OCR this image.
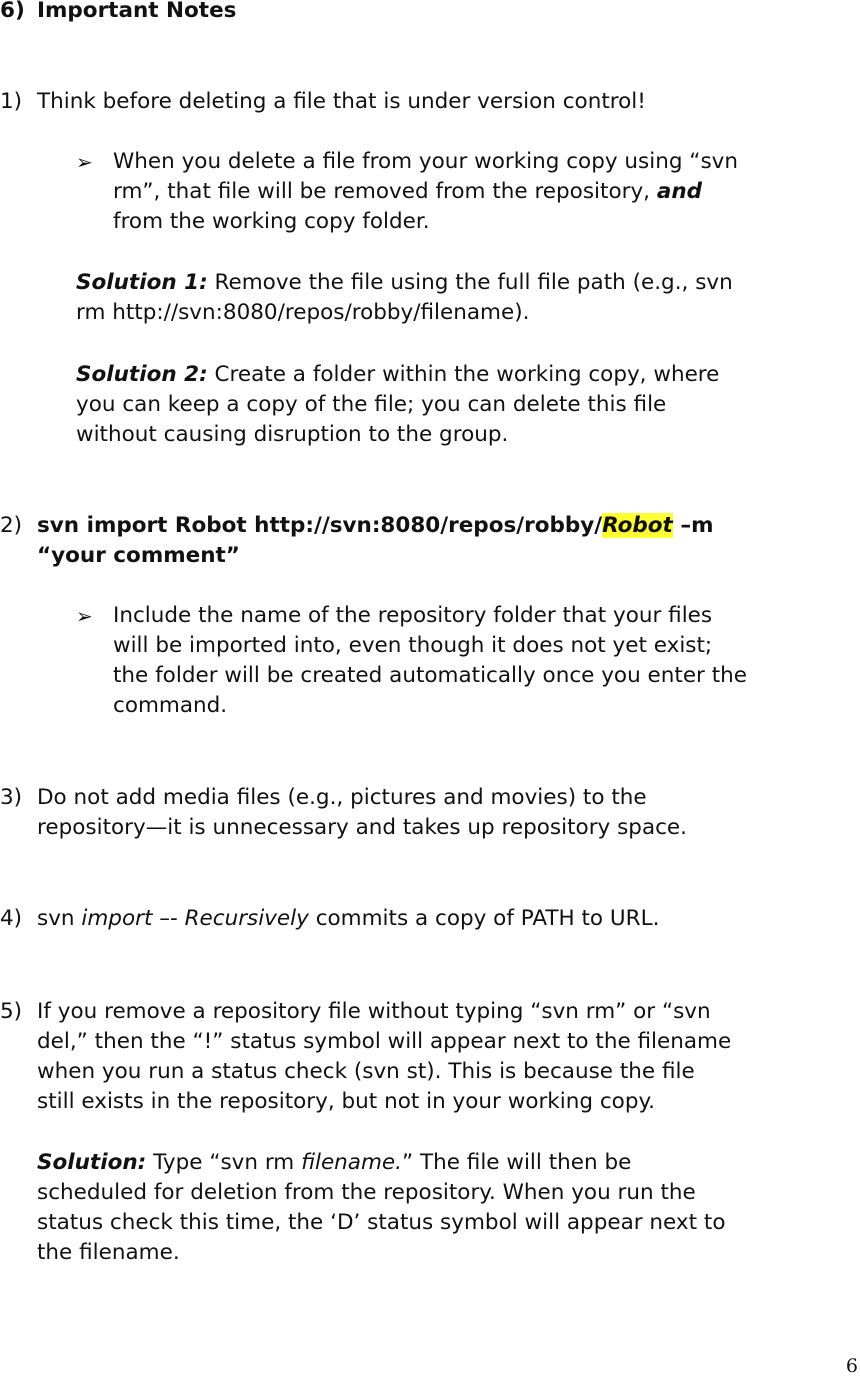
6) Important Notes
1) Think before deleting a file that is under version control!
➢ When you delete a file from your working copy using “svn
rm”, that file will be removed from the repository, and
from the working copy folder.
Solution 1: Remove the file using the full file path (e.g., svn
rm http://svn:8080/repos/robby/filename).
Solution 2: Create a folder within the working copy, where
you can keep a copy of the file; you can delete this file
without causing disruption to the group.
2) svn import Robot http://svn:8080/repos/robby/Robot –m
“your comment”
➢ Include the name of the repository folder that your files
will be imported into, even though it does not yet exist;
the folder will be created automatically once you enter the
command.
3) Do not add media files (e.g., pictures and movies) to the
repository—it is unnecessary and takes up repository space.
4) svn import –- Recursively commits a copy of PATH to URL.
5) If you remove a repository file without typing “svn rm” or “svn
del,” then the “!” status symbol will appear next to the filename
when you run a status check (svn st). This is because the file
still exists in the repository, but not in your working copy.
Solution: Type “svn rm filename.” The file will then be
scheduled for deletion from the repository. When you run the
status check this time, the ‘D’ status symbol will appear next to
the filename.
6
